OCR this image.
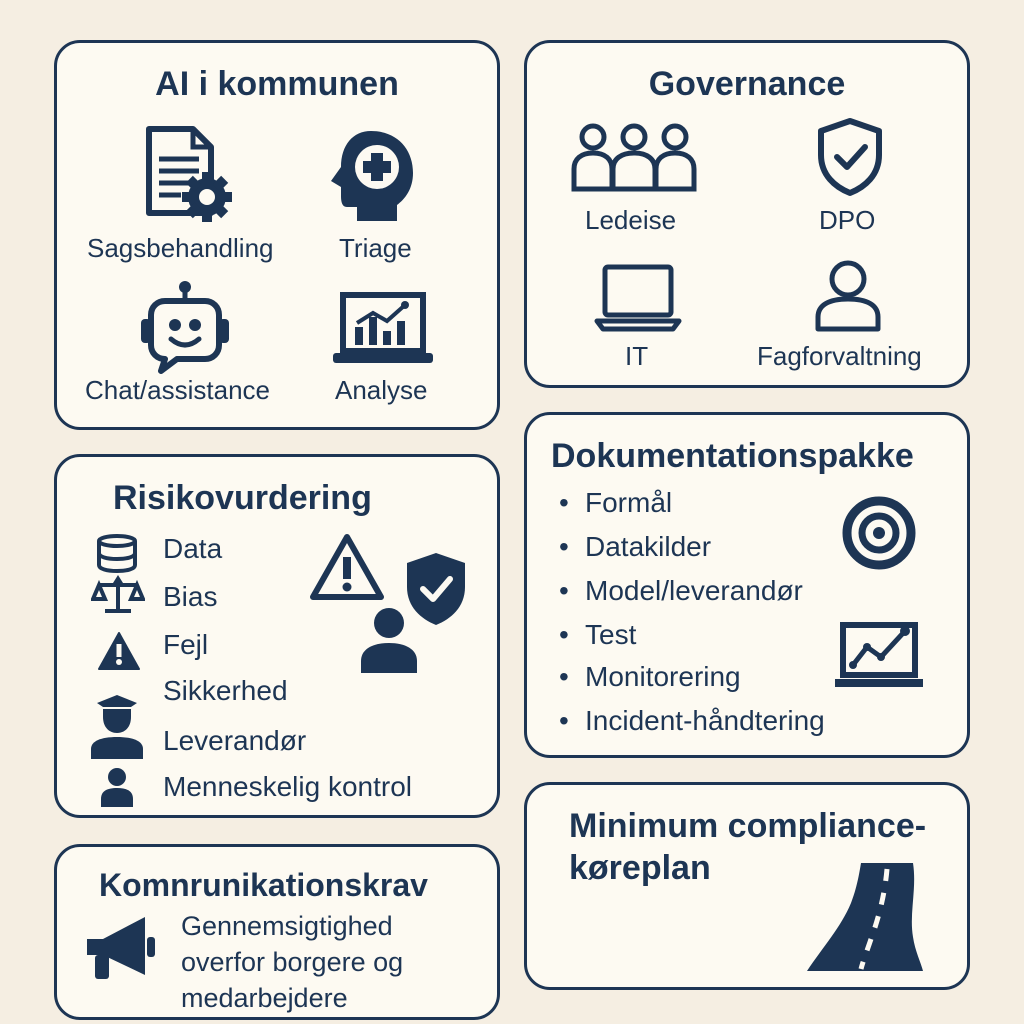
AI i kommunen
Sagsbehandling	Triage
Chat/assistance	Analyse
Governance
Ledeise	DPO
IT	Fagforvaltning
Risikovurdering
Data
Bias
Fejl
Sikkerhed
Leverandør
Menneskelig kontrol
Dokumentationspakke
• Formål
• Datakilder
• Model/leverandør
• Test
• Monitorering
• Incident-håndtering
Komnrunikationskrav
Gennemsigtighed
overfor borgere og
medarbejdere
Minimum compliance-
køreplan
